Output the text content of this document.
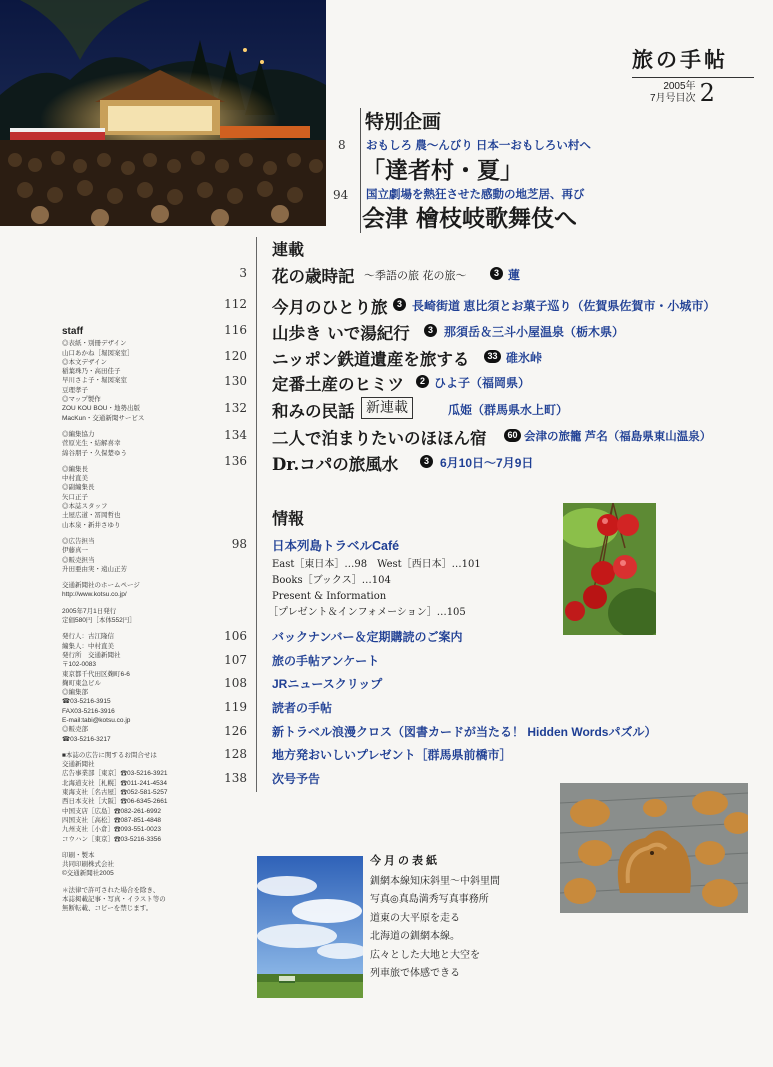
旅の手帖
2005年
7月号目次 2
特別企画
8 おもしろ 農〜んびり 日本一おもしろい村へ
「達者村・夏」
94 国立劇場を熱狂させた感動の地芝居、再び
会津 檜枝岐歌舞伎へ
連載
3 花の歳時記 〜季語の旅 花の旅〜	3 蓮
112 今月のひとり旅	3 長崎街道 恵比須とお菓子巡り（佐賀県佐賀市・小城市）
116 山歩き いで湯紀行	3 那須岳＆三斗小屋温泉（栃木県）
120 ニッポン鉄道遺産を旅する	33 碓氷峠
130 定番土産のヒミツ	2 ひよ子（福岡県）
132 和みの民話 新連載	瓜姫（群馬県水上町）
134 二人で泊まりたいのほほん宿	60 会津の旅籠 芦名（福島県東山温泉）
136 Dr.コパの旅風水	3 6月10日〜7月9日
情報
98 日本列島トラベルCafé
East［東日本］…98　West［西日本］…101
Books［ブックス］…104
Present & Information
［プレゼント＆インフォメーション］…105
106 バックナンバー＆定期購読のご案内
107 旅の手帖アンケート
108 JRニュースクリップ
119 読者の手帖
126 新トラベル浪漫クロス（図書カードが当たる！ Hidden Wordsパズル）
128 地方発おいしいプレゼント［群馬県前橋市］
138 次号予告
今月の表紙
釧網本線知床斜里〜中斜里間
写真◎真島満秀写真事務所
道東の大平原を走る
北海道の釧網本線。
広々とした大地と大空を
列車旅で体感できる
staff
◎表紙・別冊デザイン
山口あかね［堀図案室］
◎本文デザイン
稲葉珠乃・高田佳子
早川さよ子・堀図案室
豆理孝子
◎マップ製作
ZOU KOU BOU・地勢出版
MacKun・交通新聞サービス
◎編集協力
菅原光生・結解喜幸
綿谷朋子・久保楚ゆう
◎編集長
中村直美
◎副編集長
矢口正子
◎本誌スタッフ
土屋広道・冨岡哲也
山本泉・新井さゆり
◎広告担当
伊藤真一
◎販売担当
升田亜由実・遠山正芳
交通新聞社のホームページ
http://www.kotsu.co.jp/
2005年7月1日発行
定価580円［本体552円］
発行人：古江隆信
編集人：中村直美
発行所　交通新聞社
〒102-0083
東京都千代田区麹町6-6
麹町東急ビル
◎編集部
☎03-5216-3915
FAX03-5216-3916
E-mail:tabi@kotsu.co.jp
◎販売部
☎03-5216-3217
■本誌の広告に関するお問合せは
交通新聞社
広告事業部［東京］☎03-5216-3921
北海道支社［札幌］☎011-241-4534
東海支社［名古屋］☎052-581-5257
西日本支社［大阪］☎06-6345-2661
中国支店［広島］☎082-261-6992
四国支社［高松］☎087-851-4848
九州支社［小倉］☎093-551-0023
コウハン［東京］☎03-5216-3356
印刷・製本
共同印刷株式会社
©交通新聞社2005
＊法律で許可された場合を除き、
本誌掲載記事・写真・イラスト等の
無断転載、コピーを禁じます。
